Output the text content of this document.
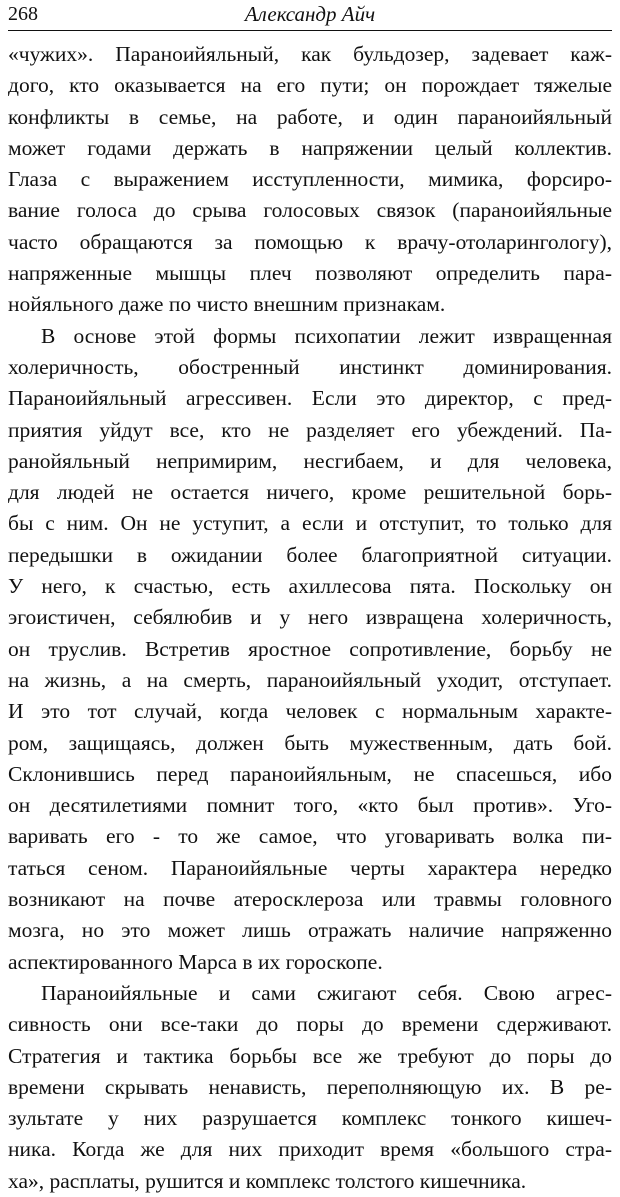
268	Александр Айч
«чужих». Параноийяльный, как бульдозер, задевает каж-
дого, кто оказывается на его пути; он порождает тяжелые
конфликты в семье, на работе, и один параноийяльный
может годами держать в напряжении целый коллектив.
Глаза с выражением исступленности, мимика, форсиро-
вание голоса до срыва голосовых связок (параноийяльные
часто обращаются за помощью к врачу-отоларингологу),
напряженные мышцы плеч позволяют определить пара-
нойяльного даже по чисто внешним признакам.
В основе этой формы психопатии лежит извращенная
холеричность, обостренный инстинкт доминирования.
Параноийяльный агрессивен. Если это директор, с пред-
приятия уйдут все, кто не разделяет его убеждений. Па-
ранойяльный непримирим, несгибаем, и для человека,
для людей не остается ничего, кроме решительной борь-
бы с ним. Он не уступит, а если и отступит, то только для
передышки в ожидании более благоприятной ситуации.
У него, к счастью, есть ахиллесова пята. Поскольку он
эгоистичен, себялюбив и у него извращена холеричность,
он труслив. Встретив яростное сопротивление, борьбу не
на жизнь, а на смерть, параноийяльный уходит, отступает.
И это тот случай, когда человек с нормальным характе-
ром, защищаясь, должен быть мужественным, дать бой.
Склонившись перед параноийяльным, не спасешься, ибо
он десятилетиями помнит того, «кто был против». Уго-
варивать его - то же самое, что уговаривать волка пи-
таться сеном. Параноийяльные черты характера нередко
возникают на почве атеросклероза или травмы головного
мозга, но это может лишь отражать наличие напряженно
аспектированного Марса в их гороскопе.
Параноийяльные и сами сжигают себя. Свою агрес-
сивность они все-таки до поры до времени сдерживают.
Стратегия и тактика борьбы все же требуют до поры до
времени скрывать ненависть, переполняющую их. В ре-
зультате у них разрушается комплекс тонкого кишеч-
ника. Когда же для них приходит время «большого стра-
ха», расплаты, рушится и комплекс толстого кишечника.
